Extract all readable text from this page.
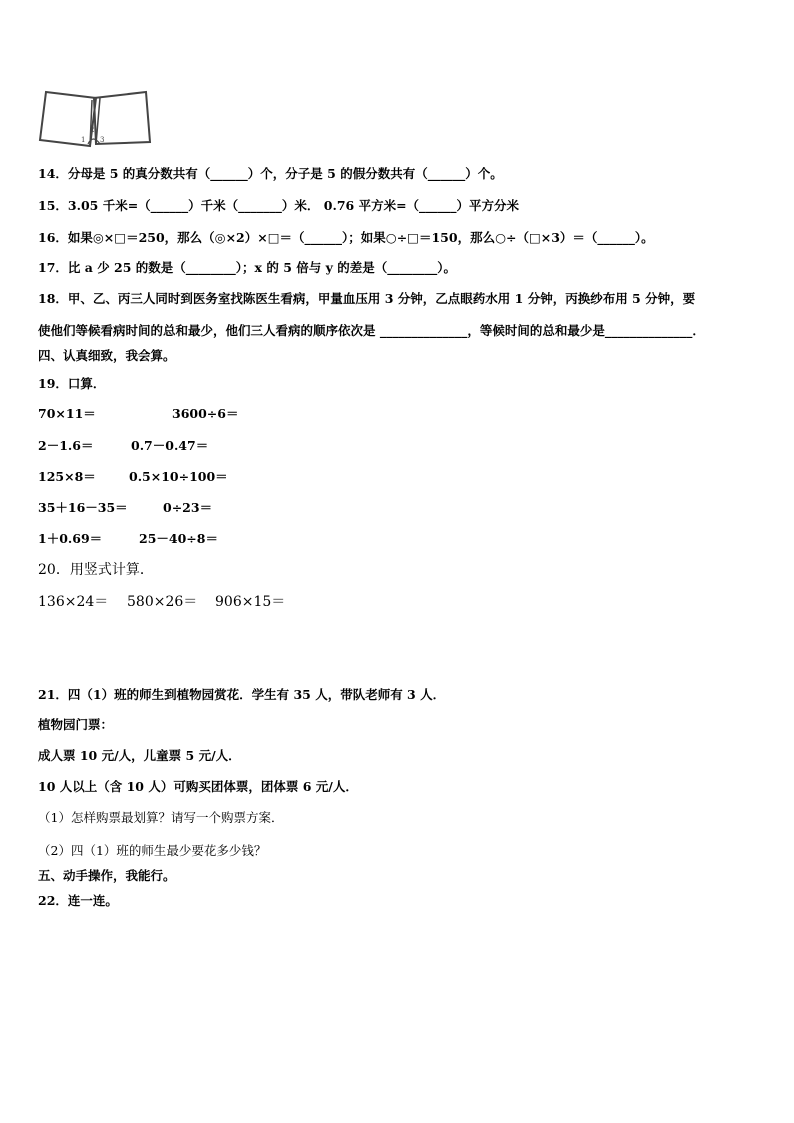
1
2
3
14．分母是 5 的真分数共有（______）个，分子是 5 的假分数共有（______）个。
15．3.05 千米=（______）千米（_______）米． 0.76 平方米=（______）平方分米
16．如果◎×□＝250，那么（◎×2）×□＝（______）；如果○÷□＝150，那么○÷（□×3）＝（______）。
17．比 a 少 25 的数是（________）；x 的 5 倍与 y 的差是（________）。
18．甲、乙、丙三人同时到医务室找陈医生看病，甲量血压用 3 分钟，乙点眼药水用 1 分钟，丙换纱布用 5 分钟，要
使他们等候看病时间的总和最少，他们三人看病的顺序依次是 ______________，等候时间的总和最少是______________．
四、认真细致，我会算。
19．口算．
70×11＝	3600÷6＝
2－1.6＝	0.7－0.47＝
125×8＝	0.5×10÷100＝
35＋16－35＝	0÷23＝
1＋0.69＝	25－40÷8＝
20．用竖式计算．
136×24＝ 580×26＝ 906×15＝
21．四（1）班的师生到植物园赏花．学生有 35 人，带队老师有 3 人．
植物园门票：
成人票 10 元/人，儿童票 5 元/人．
10 人以上（含 10 人）可购买团体票，团体票 6 元/人．
（1）怎样购票最划算？请写一个购票方案．
（2）四（1）班的师生最少要花多少钱？
五、动手操作，我能行。
22．连一连。
